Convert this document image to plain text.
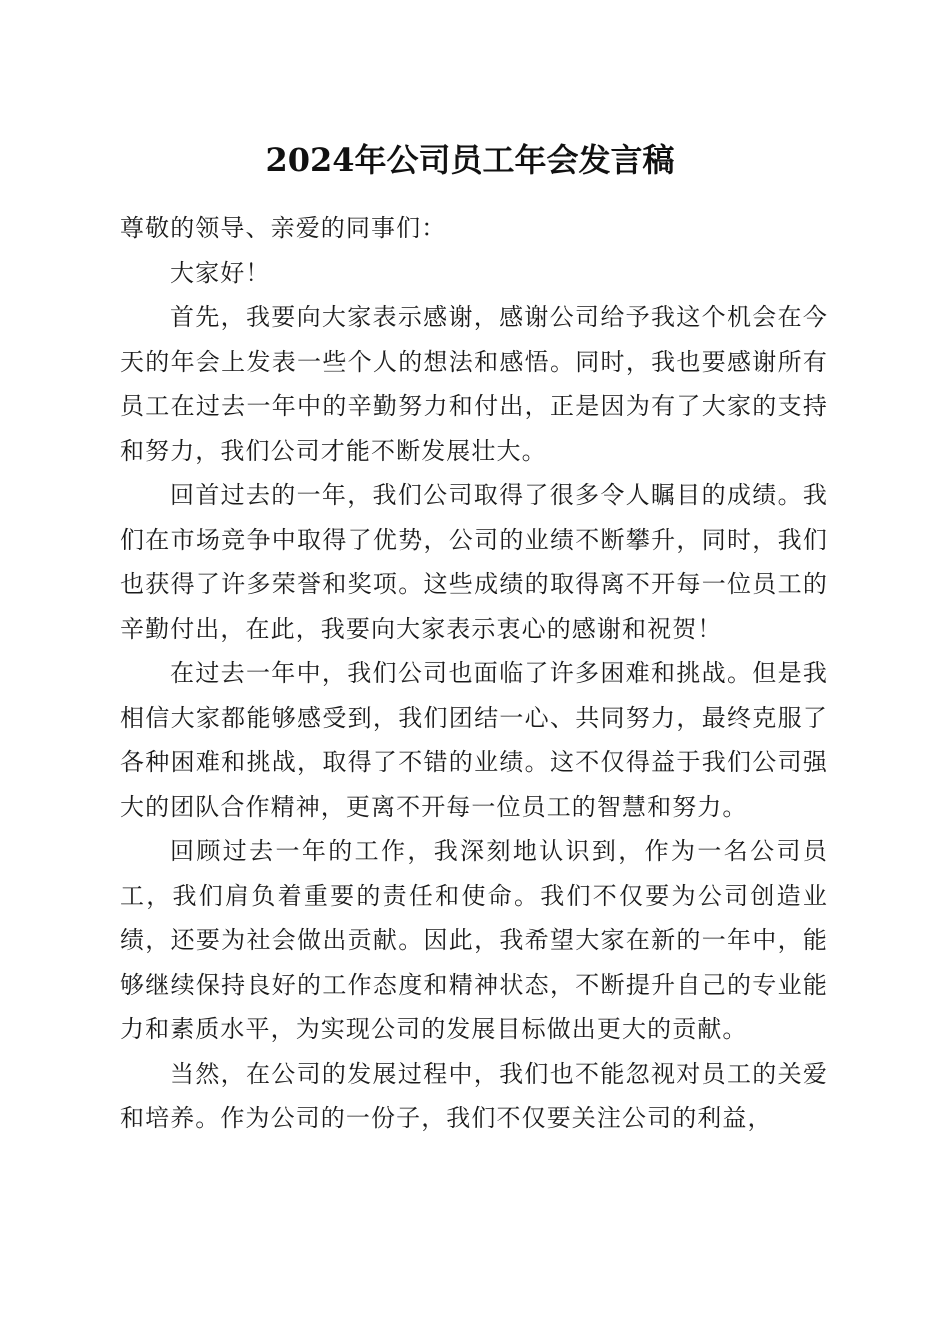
2024年公司员工年会发言稿

尊敬的领导、亲爱的同事们：

大家好！

首先，我要向大家表示感谢，感谢公司给予我这个机会在今天的年会上发表一些个人的想法和感悟。同时，我也要感谢所有员工在过去一年中的辛勤努力和付出，正是因为有了大家的支持和努力，我们公司才能不断发展壮大。

回首过去的一年，我们公司取得了很多令人瞩目的成绩。我们在市场竞争中取得了优势，公司的业绩不断攀升，同时，我们也获得了许多荣誉和奖项。这些成绩的取得离不开每一位员工的辛勤付出，在此，我要向大家表示衷心的感谢和祝贺！

在过去一年中，我们公司也面临了许多困难和挑战。但是我相信大家都能够感受到，我们团结一心、共同努力，最终克服了各种困难和挑战，取得了不错的业绩。这不仅得益于我们公司强大的团队合作精神，更离不开每一位员工的智慧和努力。

回顾过去一年的工作，我深刻地认识到，作为一名公司员工，我们肩负着重要的责任和使命。我们不仅要为公司创造业绩，还要为社会做出贡献。因此，我希望大家在新的一年中，能够继续保持良好的工作态度和精神状态，不断提升自己的专业能力和素质水平，为实现公司的发展目标做出更大的贡献。

当然，在公司的发展过程中，我们也不能忽视对员工的关爱和培养。作为公司的一份子，我们不仅要关注公司的利益，
